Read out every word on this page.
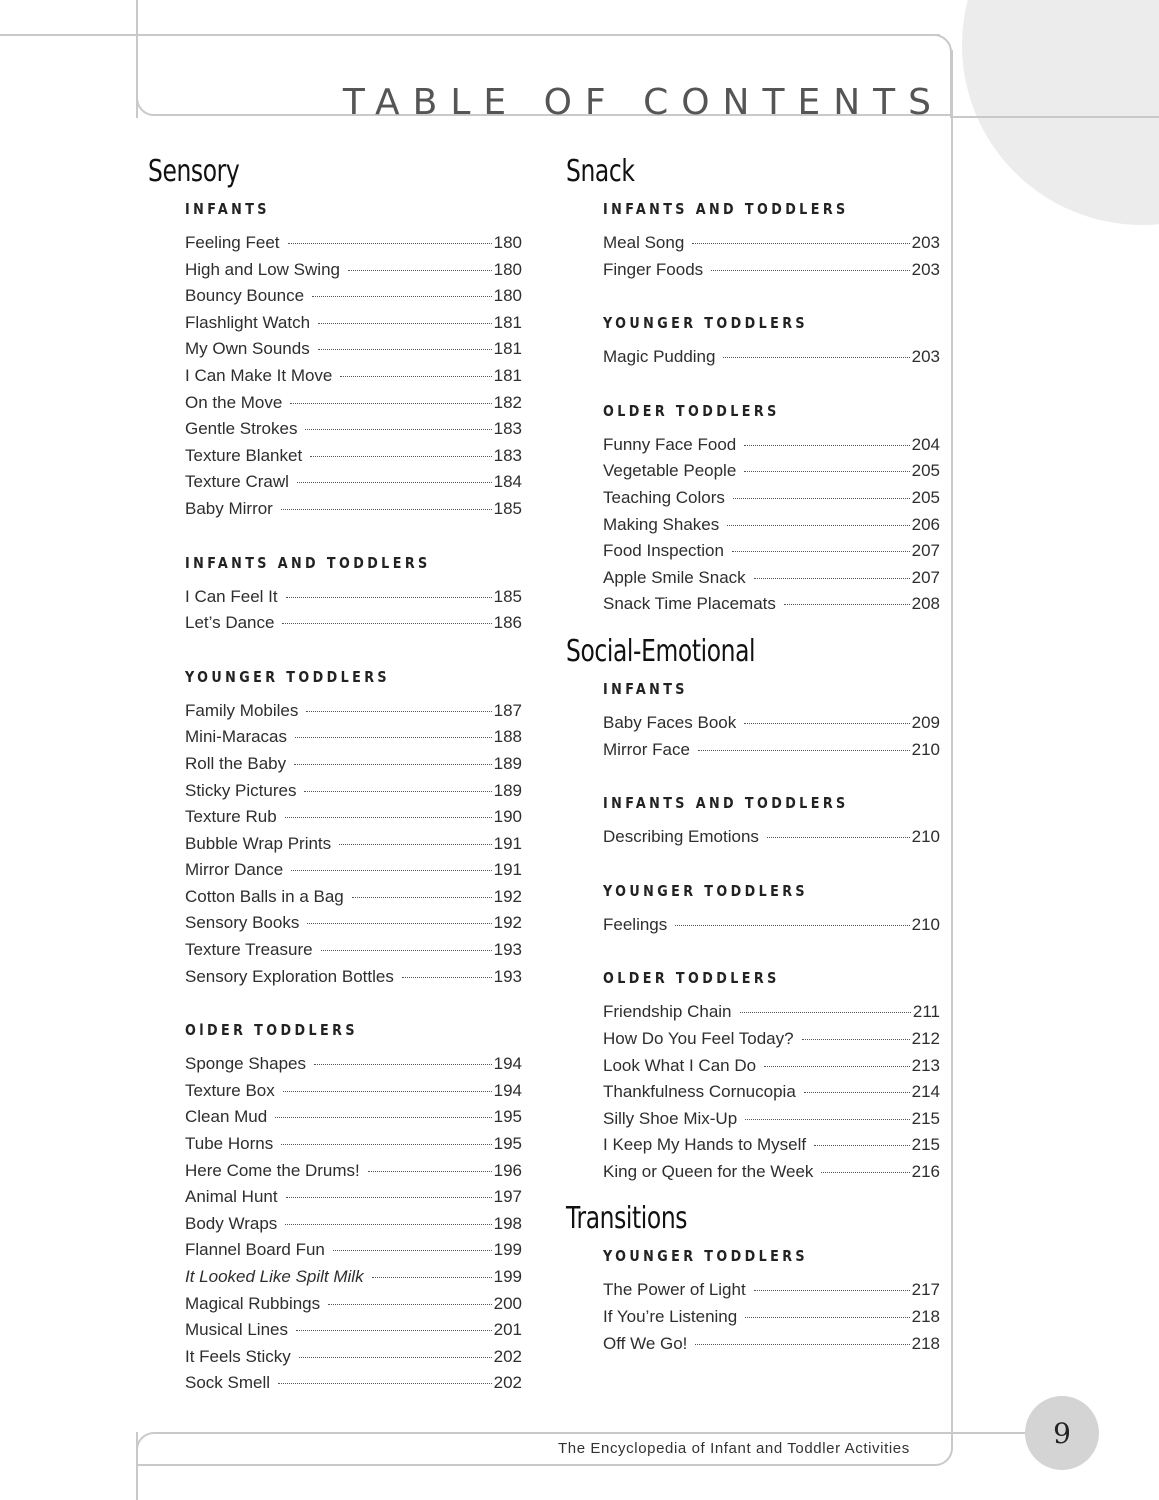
TABLE OF CONTENTS
Sensory
INFANTS
Feeling Feet	180
High and Low Swing	180
Bouncy Bounce	180
Flashlight Watch	181
My Own Sounds	181
I Can Make It Move	181
On the Move	182
Gentle Strokes	183
Texture Blanket	183
Texture Crawl	184
Baby Mirror	185
INFANTS AND TODDLERS
I Can Feel It	185
Let’s Dance	186
YOUNGER TODDLERS
Family Mobiles	187
Mini-Maracas	188
Roll the Baby	189
Sticky Pictures	189
Texture Rub	190
Bubble Wrap Prints	191
Mirror Dance	191
Cotton Balls in a Bag	192
Sensory Books	192
Texture Treasure	193
Sensory Exploration Bottles	193
OlDER TODDLERS
Sponge Shapes	194
Texture Box	194
Clean Mud	195
Tube Horns	195
Here Come the Drums!	196
Animal Hunt	197
Body Wraps	198
Flannel Board Fun	199
It Looked Like Spilt Milk	199
Magical Rubbings	200
Musical Lines	201
It Feels Sticky	202
Sock Smell	202
Snack
INFANTS AND TODDLERS
Meal Song	203
Finger Foods	203
YOUNGER TODDLERS
Magic Pudding	203
OLDER TODDLERS
Funny Face Food	204
Vegetable People	205
Teaching Colors	205
Making Shakes	206
Food Inspection	207
Apple Smile Snack	207
Snack Time Placemats	208
Social-Emotional
INFANTS
Baby Faces Book	209
Mirror Face	210
INFANTS AND TODDLERS
Describing Emotions	210
YOUNGER TODDLERS
Feelings	210
OLDER TODDLERS
Friendship Chain	211
How Do You Feel Today?	212
Look What I Can Do	213
Thankfulness Cornucopia	214
Silly Shoe Mix-Up	215
I Keep My Hands to Myself	215
King or Queen for the Week	216
Transitions
YOUNGER TODDLERS
The Power of Light	217
If You’re Listening	218
Off We Go!	218
The Encyclopedia of Infant and Toddler Activities	9
